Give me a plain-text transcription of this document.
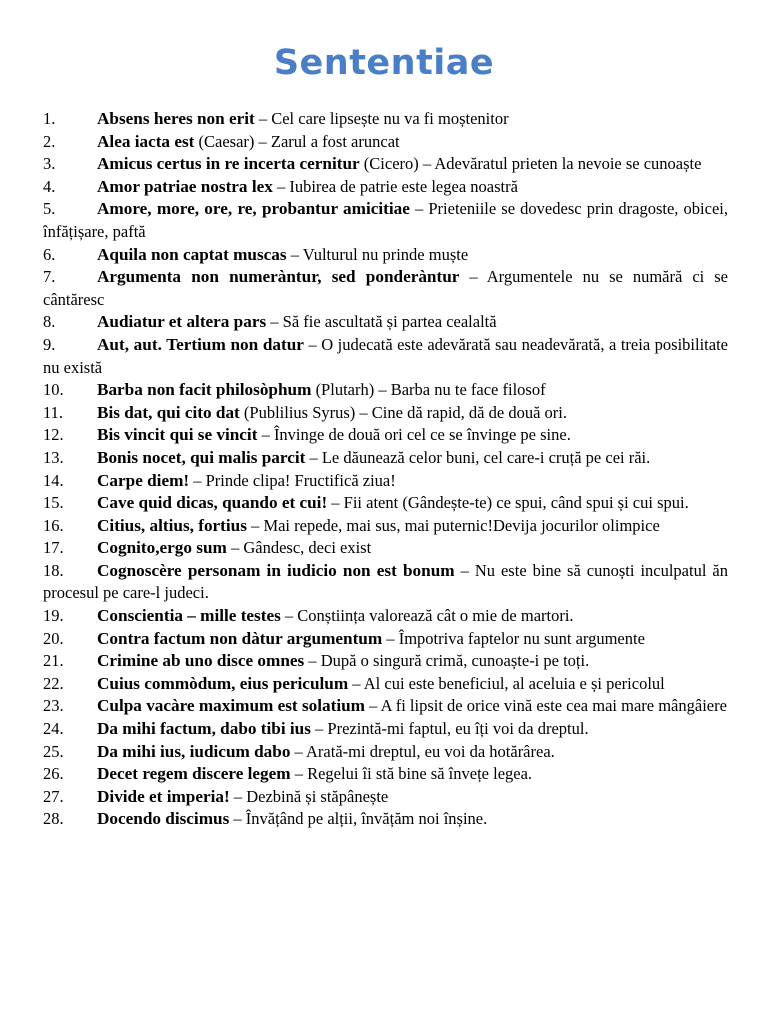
Sententiae
1. Absens heres non erit – Cel care lipsește nu va fi moștenitor
2. Alea iacta est (Caesar) – Zarul a fost aruncat
3. Amicus certus in re incerta cernitur (Cicero) – Adevăratul prieten la nevoie se cunoaște
4. Amor patriae nostra lex – Iubirea de patrie este legea noastră
5. Amore, more, ore, re, probantur amicitiae – Prieteniile se dovedesc prin dragoste, obicei, înfățișare, paftă
6. Aquila non captat muscas – Vulturul nu prinde muște
7. Argumenta non numeràntur, sed ponderàntur – Argumentele nu se numără ci se cântăresc
8. Audiatur et altera pars – Să fie ascultată și partea cealaltă
9. Aut, aut. Tertium non datur – O judecată este adevărată sau neadevărată, a treia posibilitate nu există
10. Barba non facit philosòphum (Plutarh) – Barba nu te face filosof
11. Bis dat, qui cito dat (Publilius Syrus) – Cine dă rapid, dă de două ori.
12. Bis vincit qui se vincit – Învinge de două ori cel ce se învinge pe sine.
13. Bonis nocet, qui malis parcit – Le dăunează celor buni, cel care-i cruță pe cei răi.
14. Carpe diem! – Prinde clipa! Fructifică ziua!
15. Cave quid dicas, quando et cui! – Fii atent (Gândește-te) ce spui, când spui și cui spui.
16. Citius, altius, fortius – Mai repede, mai sus, mai puternic!Devija jocurilor olimpice
17. Cognito,ergo sum – Gândesc, deci exist
18. Cognoscère personam in iudicio non est bonum – Nu este bine să cunoști inculpatul ăn procesul pe care-l judeci.
19. Conscientia – mille testes – Conștiința valorează cât o mie de martori.
20. Contra factum non dàtur argumentum – Împotriva faptelor nu sunt argumente
21. Crimine ab uno disce omnes – După o singură crimă, cunoaște-i pe toți.
22. Cuius commòdum, eius periculum – Al cui este beneficiul, al aceluia e și pericolul
23. Culpa vacàre maximum est solatium – A fi lipsit de orice vină este cea mai mare mângâiere
24. Da mihi factum, dabo tibi ius – Prezintă-mi faptul, eu îți voi da dreptul.
25. Da mihi ius, iudicum dabo – Arată-mi dreptul, eu voi da hotărârea.
26. Decet regem discere legem – Regelui îi stă bine să învețe legea.
27. Divide et imperia! – Dezbină și stăpânește
28. Docendo discimus – Învățând pe alții, învățăm noi înșine.
